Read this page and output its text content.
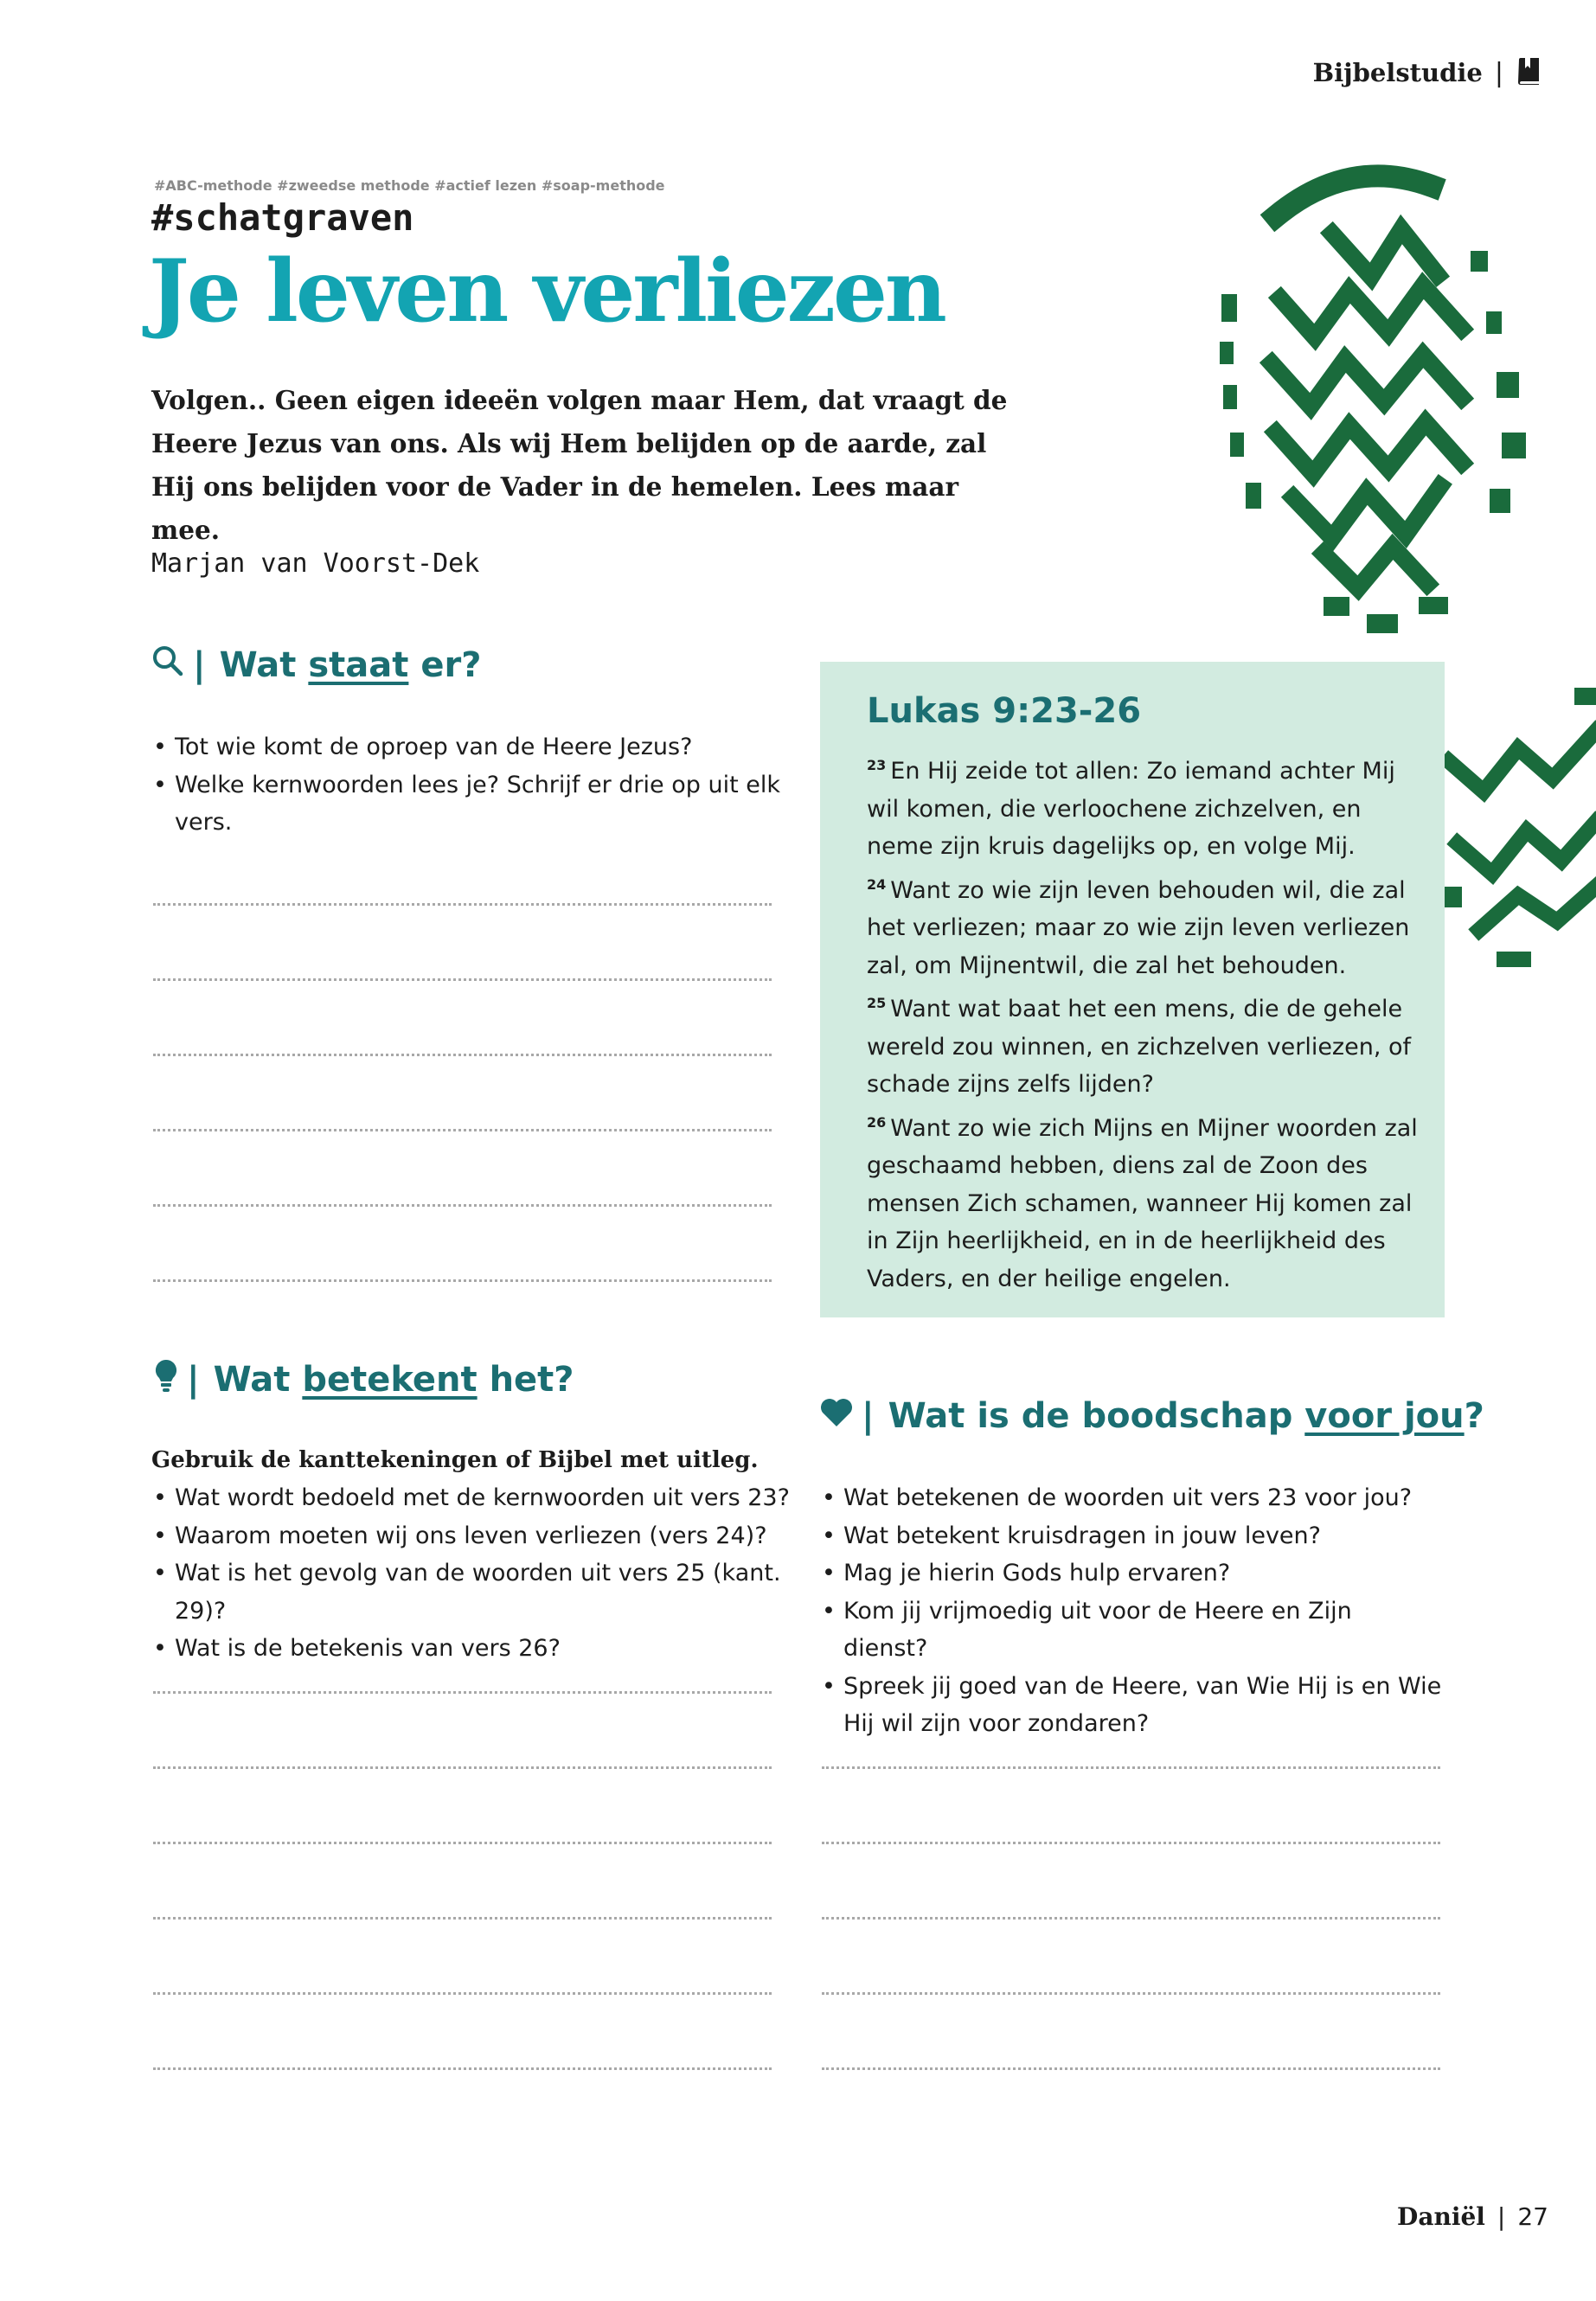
Bijbelstudie |
#ABC-methode #zweedse methode #actief lezen #soap-methode
#schatgraven
Je leven verliezen
Volgen.. Geen eigen ideeën volgen maar Hem, dat vraagt de Heere Jezus van ons. Als wij Hem belijden op de aarde, zal Hij ons belijden voor de Vader in de hemelen. Lees maar mee.
Marjan van Voorst-Dek
| Wat
staat
er?
• Tot wie komt de oproep van de Heere Jezus?
• Welke kernwoorden lees je? Schrijf er drie op uit elk vers.
Lukas 9:23-26

$^{23}$ En Hij zeide tot allen: Zo iemand achter Mij wil komen, die verloochene zichzelven, en neme zijn kruis dagelijks op, en volge Mij.

$^{24}$ Want zo wie zijn leven behouden wil, die zal het verliezen; maar zo wie zijn leven verliezen zal, om Mijnentwil, die zal het behouden.

$^{25}$ Want wat baat het een mens, die de gehele wereld zou winnen, en zichzelven verliezen, of schade zijns zelfs lijden?

$^{26}$ Want zo wie zich Mijns en Mijner woorden zal geschaamd hebben, diens zal de Zoon des mensen Zich schamen, wanneer Hij komen zal in Zijn heerlijkheid, en in de heerlijkheid des Vaders, en der heilige engelen.

| Wat
betekent
het?
Gebruik de kanttekeningen of Bijbel met uitleg.
• Wat wordt bedoeld met de kernwoorden uit vers 23?
• Waarom moeten wij ons leven verliezen (vers 24)?
• Wat is het gevolg van de woorden uit vers 25 (kant. 29)?
• Wat is de betekenis van vers 26?
| Wat is de boodschap
voor jou ?
• Wat betekenen de woorden uit vers 23 voor jou?
• Wat betekent kruisdragen in jouw leven?
• Mag je hierin Gods hulp ervaren?
• Kom jij vrijmoedig uit voor de Heere en Zijn dienst?
• Spreek jij goed van de Heere, van Wie Hij is en Wie Hij wil zijn voor zondaren?
Daniël | 27
